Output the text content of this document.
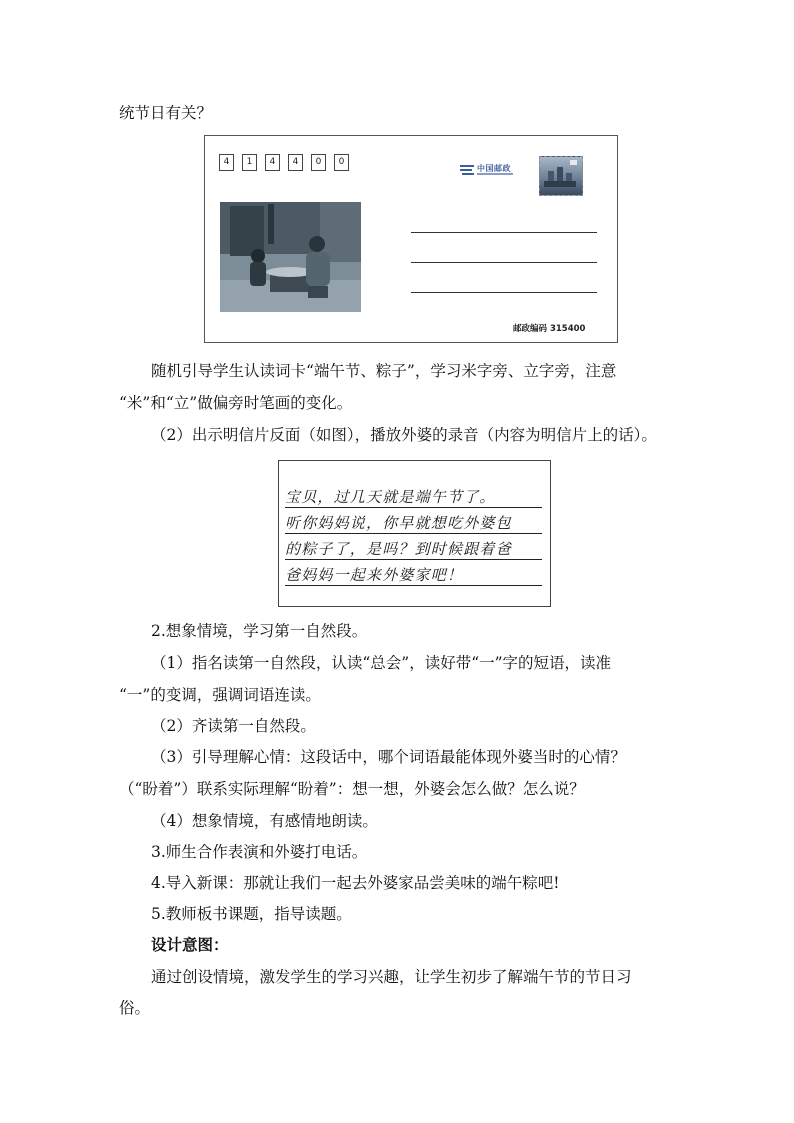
统节日有关？

4	1	4	4	0	0
中国邮政
邮政编码 315400

随机引导学生认读词卡“端午节、粽子”，学习米字旁、立字旁，注意

“米”和“立”做偏旁时笔画的变化。

（2）出示明信片反面（如图），播放外婆的录音（内容为明信片上的话）。

宝贝，过几天就是端午节了。
听你妈妈说，你早就想吃外婆包
的粽子了，是吗？到时候跟着爸
爸妈妈一起来外婆家吧！

2.想象情境，学习第一自然段。

（1）指名读第一自然段，认读“总会”，读好带“一”字的短语，读准

“一”的变调，强调词语连读。

（2）齐读第一自然段。

（3）引导理解心情：这段话中，哪个词语最能体现外婆当时的心情？

（“盼着”）联系实际理解“盼着”：想一想，外婆会怎么做？怎么说？

（4）想象情境，有感情地朗读。

3.师生合作表演和外婆打电话。

4.导入新课：那就让我们一起去外婆家品尝美味的端午粽吧!

5.教师板书课题，指导读题。

设计意图：

通过创设情境，激发学生的学习兴趣，让学生初步了解端午节的节日习

俗。
